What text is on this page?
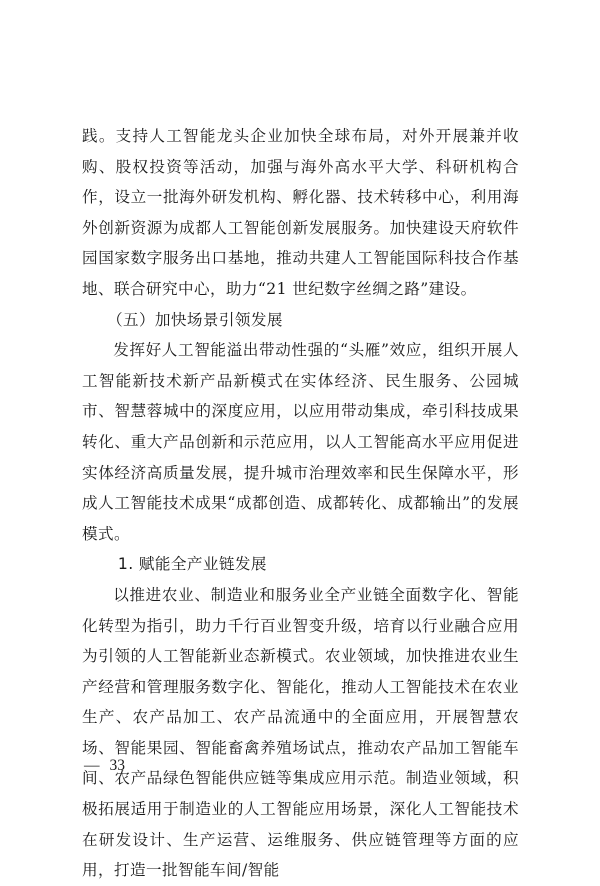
践。支持人工智能龙头企业加快全球布局，对外开展兼并收购、股权投资等活动，加强与海外高水平大学、科研机构合作，设立一批海外研发机构、孵化器、技术转移中心，利用海外创新资源为成都人工智能创新发展服务。加快建设天府软件园国家数字服务出口基地，推动共建人工智能国际科技合作基地、联合研究中心，助力“21 世纪数字丝绸之路”建设。

（五）加快场景引领发展

发挥好人工智能溢出带动性强的“头雁”效应，组织开展人工智能新技术新产品新模式在实体经济、民生服务、公园城市、智慧蓉城中的深度应用，以应用带动集成，牵引科技成果转化、重大产品创新和示范应用，以人工智能高水平应用促进实体经济高质量发展，提升城市治理效率和民生保障水平，形成人工智能技术成果“成都创造、成都转化、成都输出”的发展模式。

1. 赋能全产业链发展

以推进农业、制造业和服务业全产业链全面数字化、智能化转型为指引，助力千行百业智变升级，培育以行业融合应用为引领的人工智能新业态新模式。农业领域，加快推进农业生产经营和管理服务数字化、智能化，推动人工智能技术在农业生产、农产品加工、农产品流通中的全面应用，开展智慧农场、智能果园、智能畜禽养殖场试点，推动农产品加工智能车间、农产品绿色智能供应链等集成应用示范。制造业领域，积极拓展适用于制造业的人工智能应用场景，深化人工智能技术在研发设计、生产运营、运维服务、供应链管理等方面的应用，打造一批智能车间/智能

— 33
